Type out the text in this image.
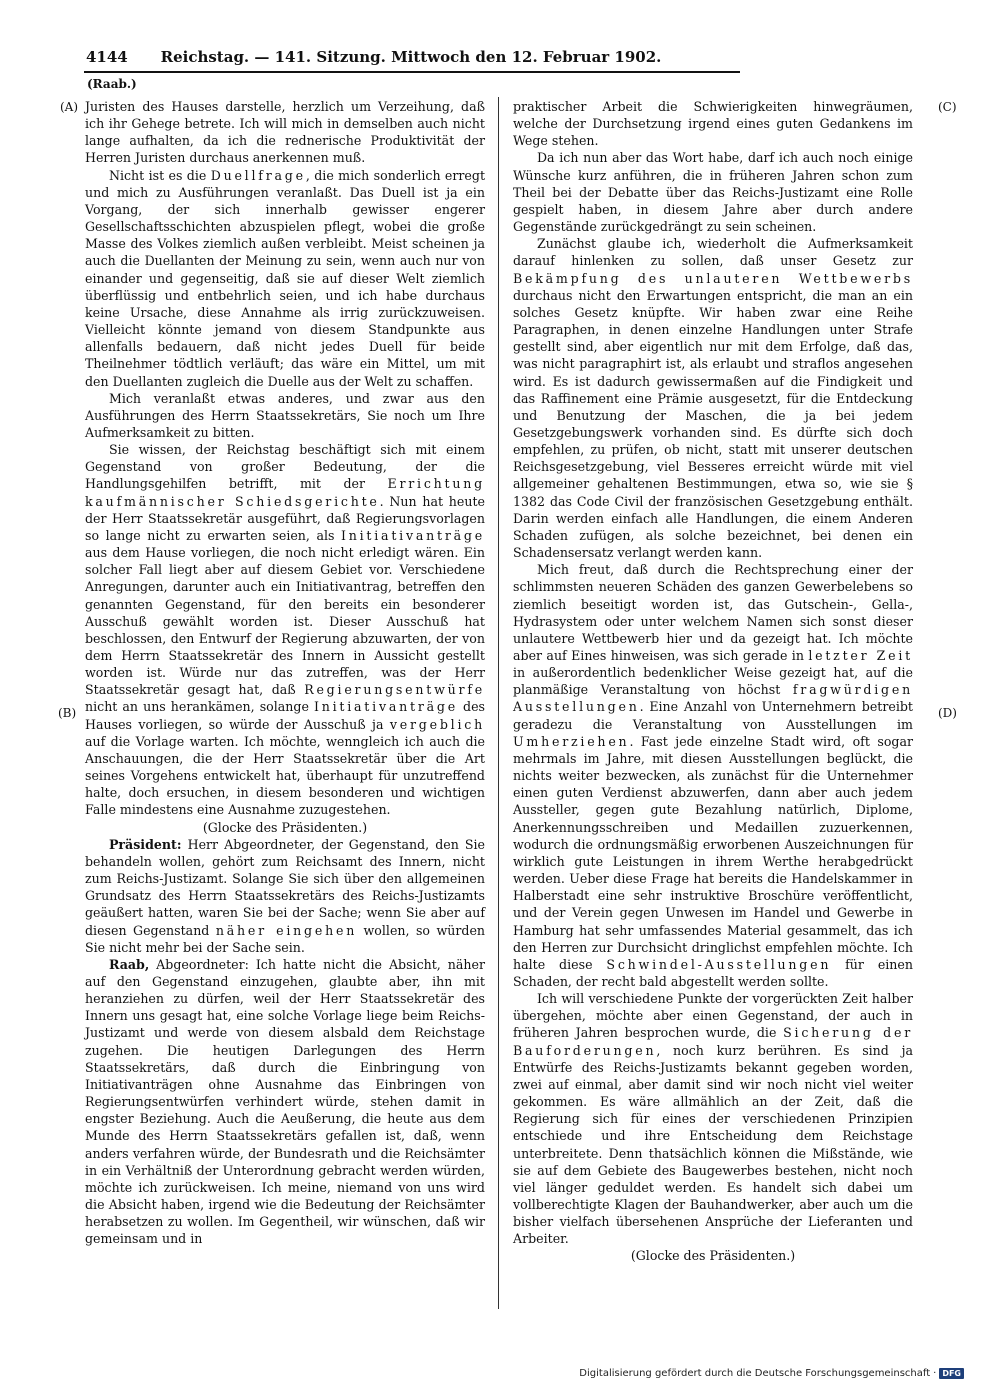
4144	Reichstag. — 141. Sitzung. Mittwoch den 12. Februar 1902.
(Raab.)
(A)
(B)
(C)
(D)

Juristen des Hauses darstelle, herzlich um Verzeihung, daß ich ihr Gehege betrete. Ich will mich in demselben auch nicht lange aufhalten, da ich die rednerische Produktivität der Herren Juristen durchaus anerkennen muß.

Nicht ist es die Duellfrage, die mich sonderlich erregt und mich zu Ausführungen veranlaßt. Das Duell ist ja ein Vorgang, der sich innerhalb gewisser engerer Gesellschaftsschichten abzuspielen pflegt, wobei die große Masse des Volkes ziemlich außen verbleibt. Meist scheinen ja auch die Duellanten der Meinung zu sein, wenn auch nur von einander und gegenseitig, daß sie auf dieser Welt ziemlich überflüssig und entbehrlich seien, und ich habe durchaus keine Ursache, diese Annahme als irrig zurückzuweisen. Vielleicht könnte jemand von diesem Standpunkte aus allenfalls bedauern, daß nicht jedes Duell für beide Theilnehmer tödtlich verläuft; das wäre ein Mittel, um mit den Duellanten zugleich die Duelle aus der Welt zu schaffen.

Mich veranlaßt etwas anderes, und zwar aus den Ausführungen des Herrn Staatssekretärs, Sie noch um Ihre Aufmerksamkeit zu bitten.

Sie wissen, der Reichstag beschäftigt sich mit einem Gegenstand von großer Bedeutung, der die Handlungsgehilfen betrifft, mit der Errichtung kaufmännischer Schiedsgerichte. Nun hat heute der Herr Staatssekretär ausgeführt, daß Regierungsvorlagen so lange nicht zu erwarten seien, als Initiativanträge aus dem Hause vorliegen, die noch nicht erledigt wären. Ein solcher Fall liegt aber auf diesem Gebiet vor. Verschiedene Anregungen, darunter auch ein Initiativantrag, betreffen den genannten Gegenstand, für den bereits ein besonderer Ausschuß gewählt worden ist. Dieser Ausschuß hat beschlossen, den Entwurf der Regierung abzuwarten, der von dem Herrn Staatssekretär des Innern in Aussicht gestellt worden ist. Würde nur das zutreffen, was der Herr Staatssekretär gesagt hat, daß Regierungsentwürfe nicht an uns herankämen, solange Initiativanträge des Hauses vorliegen, so würde der Ausschuß ja vergeblich auf die Vorlage warten. Ich möchte, wenngleich ich auch die Anschauungen, die der Herr Staatssekretär über die Art seines Vorgehens entwickelt hat, überhaupt für unzutreffend halte, doch ersuchen, in diesem besonderen und wichtigen Falle mindestens eine Ausnahme zuzugestehen.

(Glocke des Präsidenten.)

Präsident: Herr Abgeordneter, der Gegenstand, den Sie behandeln wollen, gehört zum Reichsamt des Innern, nicht zum Reichs-Justizamt. Solange Sie sich über den allgemeinen Grundsatz des Herrn Staatssekretärs des Reichs-Justizamts geäußert hatten, waren Sie bei der Sache; wenn Sie aber auf diesen Gegenstand näher eingehen wollen, so würden Sie nicht mehr bei der Sache sein.

Raab, Abgeordneter: Ich hatte nicht die Absicht, näher auf den Gegenstand einzugehen, glaubte aber, ihn mit heranziehen zu dürfen, weil der Herr Staatssekretär des Innern uns gesagt hat, eine solche Vorlage liege beim Reichs-Justizamt und werde von diesem alsbald dem Reichstage zugehen. Die heutigen Darlegungen des Herrn Staatssekretärs, daß durch die Einbringung von Initiativanträgen ohne Ausnahme das Einbringen von Regierungsentwürfen verhindert würde, stehen damit in engster Beziehung. Auch die Aeußerung, die heute aus dem Munde des Herrn Staatssekretärs gefallen ist, daß, wenn anders verfahren würde, der Bundesrath und die Reichsämter in ein Verhältniß der Unterordnung gebracht werden würden, möchte ich zurückweisen. Ich meine, niemand von uns wird die Absicht haben, irgend wie die Bedeutung der Reichsämter herabsetzen zu wollen. Im Gegentheil, wir wünschen, daß wir gemeinsam und in

praktischer Arbeit die Schwierigkeiten hinwegräumen, welche der Durchsetzung irgend eines guten Gedankens im Wege stehen.

Da ich nun aber das Wort habe, darf ich auch noch einige Wünsche kurz anführen, die in früheren Jahren schon zum Theil bei der Debatte über das Reichs-Justizamt eine Rolle gespielt haben, in diesem Jahre aber durch andere Gegenstände zurückgedrängt zu sein scheinen.

Zunächst glaube ich, wiederholt die Aufmerksamkeit darauf hinlenken zu sollen, daß unser Gesetz zur Bekämpfung des unlauteren Wettbewerbs durchaus nicht den Erwartungen entspricht, die man an ein solches Gesetz knüpfte. Wir haben zwar eine Reihe Paragraphen, in denen einzelne Handlungen unter Strafe gestellt sind, aber eigentlich nur mit dem Erfolge, daß das, was nicht paragraphirt ist, als erlaubt und straflos angesehen wird. Es ist dadurch gewissermaßen auf die Findigkeit und das Raffinement eine Prämie ausgesetzt, für die Entdeckung und Benutzung der Maschen, die ja bei jedem Gesetzgebungswerk vorhanden sind. Es dürfte sich doch empfehlen, zu prüfen, ob nicht, statt mit unserer deutschen Reichsgesetzgebung, viel Besseres erreicht würde mit viel allgemeiner gehaltenen Bestimmungen, etwa so, wie sie § 1382 das Code Civil der französischen Gesetzgebung enthält. Darin werden einfach alle Handlungen, die einem Anderen Schaden zufügen, als solche bezeichnet, bei denen ein Schadensersatz verlangt werden kann.

Mich freut, daß durch die Rechtsprechung einer der schlimmsten neueren Schäden des ganzen Gewerbelebens so ziemlich beseitigt worden ist, das Gutschein-, Gella-, Hydrasystem oder unter welchem Namen sich sonst dieser unlautere Wettbewerb hier und da gezeigt hat. Ich möchte aber auf Eines hinweisen, was sich gerade in letzter Zeit in außerordentlich bedenklicher Weise gezeigt hat, auf die planmäßige Veranstaltung von höchst fragwürdigen Ausstellungen. Eine Anzahl von Unternehmern betreibt geradezu die Veranstaltung von Ausstellungen im Umherziehen. Fast jede einzelne Stadt wird, oft sogar mehrmals im Jahre, mit diesen Ausstellungen beglückt, die nichts weiter bezwecken, als zunächst für die Unternehmer einen guten Verdienst abzuwerfen, dann aber auch jedem Aussteller, gegen gute Bezahlung natürlich, Diplome, Anerkennungsschreiben und Medaillen zuzuerkennen, wodurch die ordnungsmäßig erworbenen Auszeichnungen für wirklich gute Leistungen in ihrem Werthe herabgedrückt werden. Ueber diese Frage hat bereits die Handelskammer in Halberstadt eine sehr instruktive Broschüre veröffentlicht, und der Verein gegen Unwesen im Handel und Gewerbe in Hamburg hat sehr umfassendes Material gesammelt, das ich den Herren zur Durchsicht dringlichst empfehlen möchte. Ich halte diese Schwindel-Ausstellungen für einen Schaden, der recht bald abgestellt werden sollte.

Ich will verschiedene Punkte der vorgerückten Zeit halber übergehen, möchte aber einen Gegenstand, der auch in früheren Jahren besprochen wurde, die Sicherung der Bauforderungen, noch kurz berühren. Es sind ja Entwürfe des Reichs-Justizamts bekannt gegeben worden, zwei auf einmal, aber damit sind wir noch nicht viel weiter gekommen. Es wäre allmählich an der Zeit, daß die Regierung sich für eines der verschiedenen Prinzipien entschiede und ihre Entscheidung dem Reichstage unterbreitete. Denn thatsächlich können die Mißstände, wie sie auf dem Gebiete des Baugewerbes bestehen, nicht noch viel länger geduldet werden. Es handelt sich dabei um vollberechtigte Klagen der Bauhandwerker, aber auch um die bisher vielfach übersehenen Ansprüche der Lieferanten und Arbeiter.

(Glocke des Präsidenten.)

Digitalisierung gefördert durch die Deutsche Forschungsgemeinschaft · DFG
